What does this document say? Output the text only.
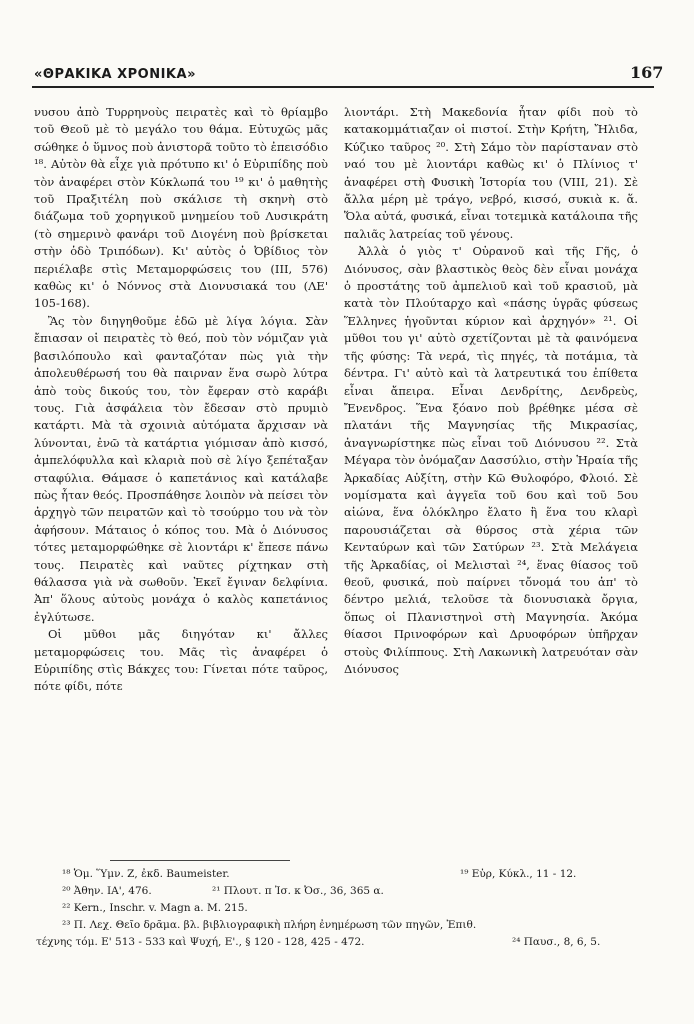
«ΘΡΑΚΙΚΑ ΧΡΟΝΙΚΑ»	167

νυσου ἀπὸ Τυρρηνοὺς πειρατὲς καὶ τὸ θρίαμβο τοῦ Θεοῦ μὲ τὸ μεγάλο του θάμα. Εὐτυχῶς μᾶς σώθηκε ὁ ὕμνος ποὺ ἀνιστορᾶ τοῦτο τὸ ἐπεισόδιο ¹⁸. Αὐτὸν θὰ εἶχε γιὰ πρότυπο κι' ὁ Εὐριπίδης ποὺ τὸν ἀναφέρει στὸν Κύκλωπά του ¹⁹ κι' ὁ μαθητὴς τοῦ Πραξιτέλη ποὺ σκάλισε τὴ σκηνὴ στὸ διάζωμα τοῦ χορηγικοῦ μνημείου τοῦ Λυσικράτη (τὸ σημερινὸ φανάρι τοῦ Διογένη ποὺ βρίσκεται στὴν ὁδὸ Τριπόδων). Κι' αὐτὸς ὁ Ὀβίδιος τὸν περιέλαβε στὶς Μεταμορφώσεις του (ΙΙΙ, 576) καθὼς κι' ὁ Νόννος στὰ Διονυσιακά του (ΛΕ' 105-168).

Ἂς τὸν διηγηθοῦμε ἐδῶ μὲ λίγα λόγια. Σὰν ἔπιασαν οἱ πειρατὲς τὸ θεό, ποὺ τὸν νόμιζαν γιὰ βασιλόπουλο καὶ φανταζόταν πὼς γιὰ τὴν ἀπολευθέρωσή του θὰ παιρναν ἕνα σωρὸ λύτρα ἀπὸ τοὺς δικούς του, τὸν ἔφεραν στὸ καράβι τους. Γιὰ ἀσφάλεια τὸν ἔδεσαν στὸ πρυμιὸ κατάρτι. Μὰ τὰ σχοινιὰ αὐτόματα ἄρχισαν νὰ λύνονται, ἐνῶ τὰ κατάρτια γιόμισαν ἀπὸ κισσό, ἀμπελόφυλλα καὶ κλαριὰ ποὺ σὲ λίγο ξεπέταξαν σταφύλια. Θάμασε ὁ καπετάνιος καὶ κατάλαβε πὼς ἦταν θεός. Προσπάθησε λοιπὸν νὰ πείσει τὸν ἀρχηγὸ τῶν πειρατῶν καὶ τὸ τσούρμο του νὰ τὸν ἀφήσουν. Μάταιος ὁ κόπος του. Μὰ ὁ Διόνυσος τότες μεταμορφώθηκε σὲ λιοντάρι κ' ἔπεσε πάνω τους. Πειρατὲς καὶ ναῦτες ρίχτηκαν στὴ θάλασσα γιὰ νὰ σωθοῦν. Ἐκεῖ ἔγιναν δελφίνια. Ἀπ' ὅλους αὐτοὺς μονάχα ὁ καλὸς καπετάνιος ἐγλύτωσε.

Οἱ μῦθοι μᾶς διηγόταν κι' ἄλλες μεταμορφώσεις του. Μᾶς τὶς ἀναφέρει ὁ Εὐριπίδης στὶς Βάκχες του: Γίνεται πότε ταῦρος, πότε φίδι, πότε

λιοντάρι. Στὴ Μακεδονία ἦταν φίδι ποὺ τὸ κατακομμάτιαζαν οἱ πιστοί. Στὴν Κρήτη, Ἤλιδα, Κύζικο ταῦρος ²⁰. Στὴ Σάμο τὸν παρίσταναν στὸ ναό του μὲ λιοντάρι καθὼς κι' ὁ Πλίνιος τ' ἀναφέρει στὴ Φυσικὴ Ἱστορία του (VIII, 21). Σὲ ἄλλα μέρη μὲ τράγο, νεβρό, κισσό, συκιὰ κ. ἅ. Ὅλα αὐτά, φυσικά, εἶναι τοτεμικὰ κατάλοιπα τῆς παλιᾶς λατρείας τοῦ γένους.

Ἀλλὰ ὁ γιὸς τ' Οὐρανοῦ καὶ τῆς Γῆς, ὁ Διόνυσος, σὰν βλαστικὸς θεὸς δὲν εἶναι μονάχα ὁ προστάτης τοῦ ἀμπελιοῦ καὶ τοῦ κρασιοῦ, μὰ κατὰ τὸν Πλούταρχο καὶ «πάσης ὑγρᾶς φύσεως Ἕλληνες ἡγοῦνται κύριον καὶ ἀρχηγόν» ²¹. Οἱ μῦθοι του γι' αὐτὸ σχετίζονται μὲ τὰ φαινόμενα τῆς φύσης: Τὰ νερά, τὶς πηγές, τὰ ποτάμια, τὰ δέντρα. Γι' αὐτὸ καὶ τὰ λατρευτικά του ἐπίθετα εἶναι ἄπειρα. Εἶναι Δενδρίτης, Δενδρεὺς, Ἔνενδρος. Ἕνα ξόανο ποὺ βρέθηκε μέσα σὲ πλατάνι τῆς Μαγνησίας τῆς Μικρασίας, ἀναγνωρίστηκε πὼς εἶναι τοῦ Διόνυσου ²². Στὰ Μέγαρα τὸν ὀνόμαζαν Δασσύλιο, στὴν Ἡραία τῆς Ἀρκαδίας Αὐξίτη, στὴν Κῶ Θυλοφόρο, Φλοιό. Σὲ νομίσματα καὶ ἀγγεῖα τοῦ 6ου καὶ τοῦ 5ου αἰώνα, ἕνα ὁλόκληρο ἔλατο ἢ ἕνα του κλαρὶ παρουσιάζεται σὰ θύρσος στὰ χέρια τῶν Κενταύρων καὶ τῶν Σατύρων ²³. Στὰ Μελάγεια τῆς Ἀρκαδίας, οἱ Μελισταὶ ²⁴, ἕνας θίασος τοῦ θεοῦ, φυσικά, ποὺ παίρνει τὄνομά του ἀπ' τὸ δέντρο μελιά, τελοῦσε τὰ διονυσιακὰ ὄργια, ὅπως οἱ Πλανιστηνοὶ στὴ Μαγνησία. Ἀκόμα θίασοι Πρινοφόρων καὶ Δρυοφόρων ὑπῆρχαν στοὺς Φιλίππους. Στὴ Λακωνικὴ λατρευόταν σὰν Διόνυσος

¹⁸ Ὁμ. Ὕμν. Ζ, ἐκδ. Baumeister.	¹⁹ Εὐρ, Κύκλ., 11 - 12.
²⁰ Ἀθην. ΙΑ', 476.	²¹ Πλουτ. π Ἰσ. κ Ὀσ., 36, 365 α.
²² Kern., Inschr. v. Magn a. M. 215.
²³ Π. Λεχ. Θεῖο δρᾶμα. βλ. βιβλιογραφικὴ πλήρη ἐνημέρωση τῶν πηγῶν, Ἐπιθ.
τέχνης τόμ. Ε' 513 - 533 καὶ Ψυχή, Ε'., § 120 - 128, 425 - 472.	²⁴ Παυσ., 8, 6, 5.
